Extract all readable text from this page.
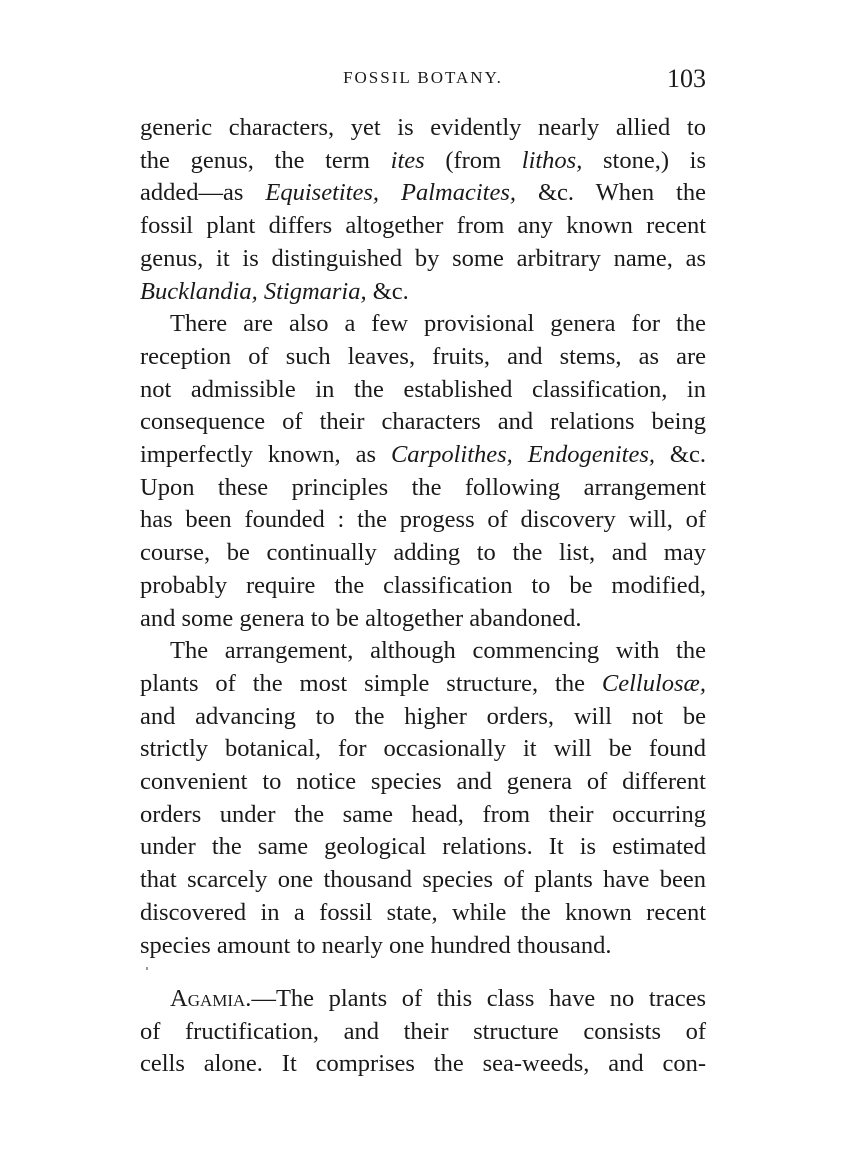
FOSSIL BOTANY.	103

generic characters, yet is evidently nearly allied to
the genus, the term ites (from lithos, stone,) is
added—as Equisetites, Palmacites, &c. When the
fossil plant differs altogether from any known recent
genus, it is distinguished by some arbitrary name, as
Bucklandia, Stigmaria, &c.

There are also a few provisional genera for the
reception of such leaves, fruits, and stems, as are
not admissible in the established classification, in
consequence of their characters and relations being
imperfectly known, as Carpolithes, Endogenites, &c.
Upon these principles the following arrangement
has been founded : the progess of discovery will, of
course, be continually adding to the list, and may
probably require the classification to be modified,
and some genera to be altogether abandoned.

The arrangement, although commencing with the
plants of the most simple structure, the Cellulosæ,
and advancing to the higher orders, will not be
strictly botanical, for occasionally it will be found
convenient to notice species and genera of different
orders under the same head, from their occurring
under the same geological relations. It is estimated
that scarcely one thousand species of plants have been
discovered in a fossil state, while the known recent
species amount to nearly one hundred thousand.

Agamia.—The plants of this class have no traces
of fructification, and their structure consists of
cells alone. It comprises the sea-weeds, and con-
